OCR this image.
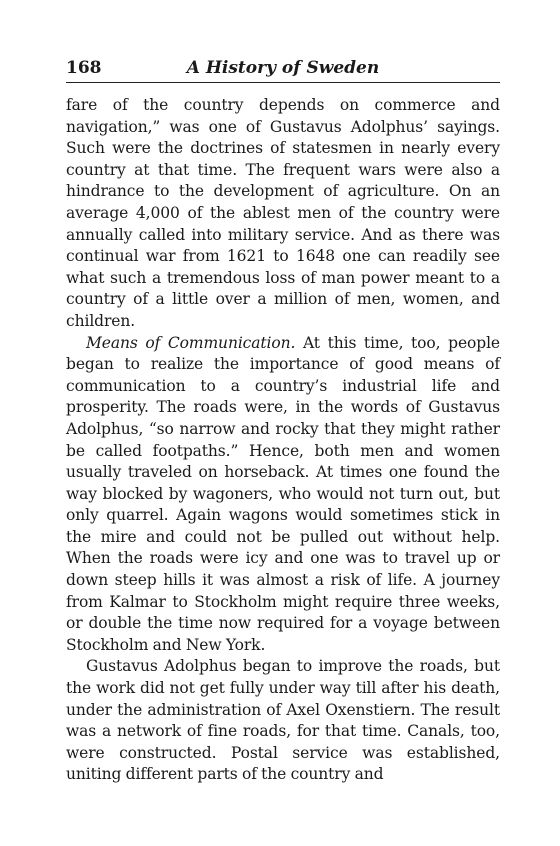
168	A History of Sweden

fare of the country depends on commerce and navigation,” was one of Gustavus Adolphus’ sayings. Such were the doctrines of statesmen in nearly every country at that time. The frequent wars were also a hindrance to the development of agriculture. On an average 4,000 of the ablest men of the country were annually called into military service. And as there was continual war from 1621 to 1648 one can readily see what such a tremendous loss of man power meant to a country of a little over a million of men, women, and children.

Means of Communication. At this time, too, people began to realize the importance of good means of communication to a country’s industrial life and prosperity. The roads were, in the words of Gustavus Adolphus, “so narrow and rocky that they might rather be called footpaths.” Hence, both men and women usually traveled on horseback. At times one found the way blocked by wagoners, who would not turn out, but only quarrel. Again wagons would sometimes stick in the mire and could not be pulled out without help. When the roads were icy and one was to travel up or down steep hills it was almost a risk of life. A journey from Kalmar to Stockholm might require three weeks, or double the time now required for a voyage between Stockholm and New York.

Gustavus Adolphus began to improve the roads, but the work did not get fully under way till after his death, under the administration of Axel Oxenstiern. The result was a network of fine roads, for that time. Canals, too, were constructed. Postal service was established, uniting different parts of the country and
